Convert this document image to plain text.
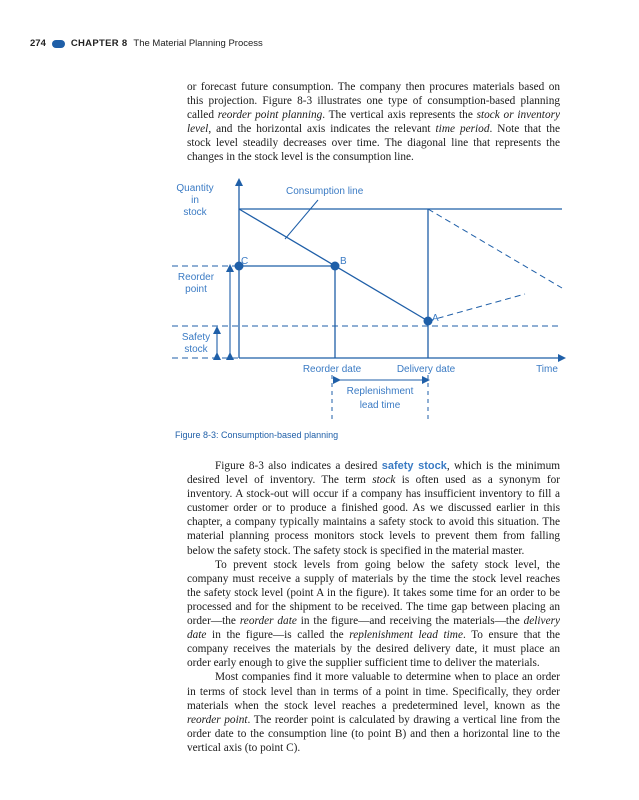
274	CHAPTER 8 The Material Planning Process

or forecast future consumption. The company then procures materials based on this projection. Figure 8-3 illustrates one type of consumption-based planning called reorder point planning. The vertical axis represents the stock or inventory level, and the horizontal axis indicates the relevant time period. Note that the stock level steadily decreases over time. The diagonal line that represents the changes in the stock level is the consumption line.

Quantity
in
stock
Consumption line
Reorder
point
Safety
stock
C	B
A
Reorder date	Delivery date	Time
Replenishment
lead time
Figure 8-3: Consumption-based planning

Figure 8-3 also indicates a desired safety stock, which is the minimum desired level of inventory. The term stock is often used as a synonym for inventory. A stock-out will occur if a company has insufficient inventory to fill a customer order or to produce a finished good. As we discussed earlier in this chapter, a company typically maintains a safety stock to avoid this situation. The material planning process monitors stock levels to prevent them from falling below the safety stock. The safety stock is specified in the material master.

To prevent stock levels from going below the safety stock level, the company must receive a supply of materials by the time the stock level reaches the safety stock level (point A in the figure). It takes some time for an order to be processed and for the shipment to be received. The time gap between placing an order—the reorder date in the figure—and receiving the materials—the delivery date in the figure—is called the replenishment lead time. To ensure that the company receives the materials by the desired delivery date, it must place an order early enough to give the supplier sufficient time to deliver the materials.

Most companies find it more valuable to determine when to place an order in terms of stock level than in terms of a point in time. Specifically, they order materials when the stock level reaches a predetermined level, known as the reorder point. The reorder point is calculated by drawing a vertical line from the order date to the consumption line (to point B) and then a horizontal line to the vertical axis (to point C).
